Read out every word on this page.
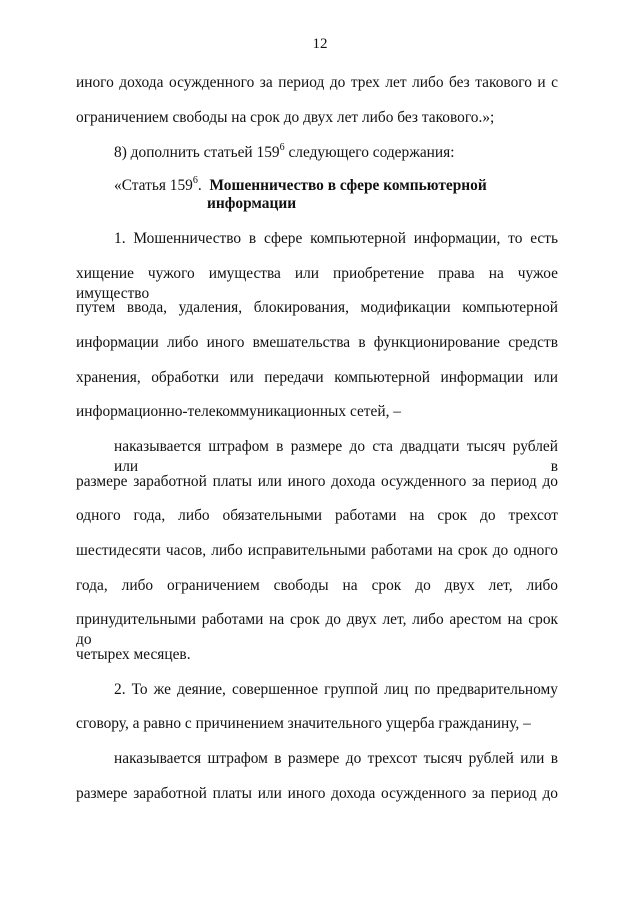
12
иного дохода осужденного за период до трех лет либо без такового и с
ограничением свободы на срок до двух лет либо без такового.»;
8) дополнить статьей $159^6$ следующего содержания:
«Статья $159^6$. Мошенничество в сфере компьютерной
информации
1. Мошенничество в сфере компьютерной информации, то есть
хищение чужого имущества или приобретение права на чужое имущество
путем ввода, удаления, блокирования, модификации компьютерной
информации либо иного вмешательства в функционирование средств
хранения, обработки или передачи компьютерной информации или
информационно-телекоммуникационных сетей, –
наказывается штрафом в размере до ста двадцати тысяч рублей или в
размере заработной платы или иного дохода осужденного за период до
одного года, либо обязательными работами на срок до трехсот
шестидесяти часов, либо исправительными работами на срок до одного
года, либо ограничением свободы на срок до двух лет, либо
принудительными работами на срок до двух лет, либо арестом на срок до
четырех месяцев.
2. То же деяние, совершенное группой лиц по предварительному
сговору, а равно с причинением значительного ущерба гражданину, –
наказывается штрафом в размере до трехсот тысяч рублей или в
размере заработной платы или иного дохода осужденного за период до
